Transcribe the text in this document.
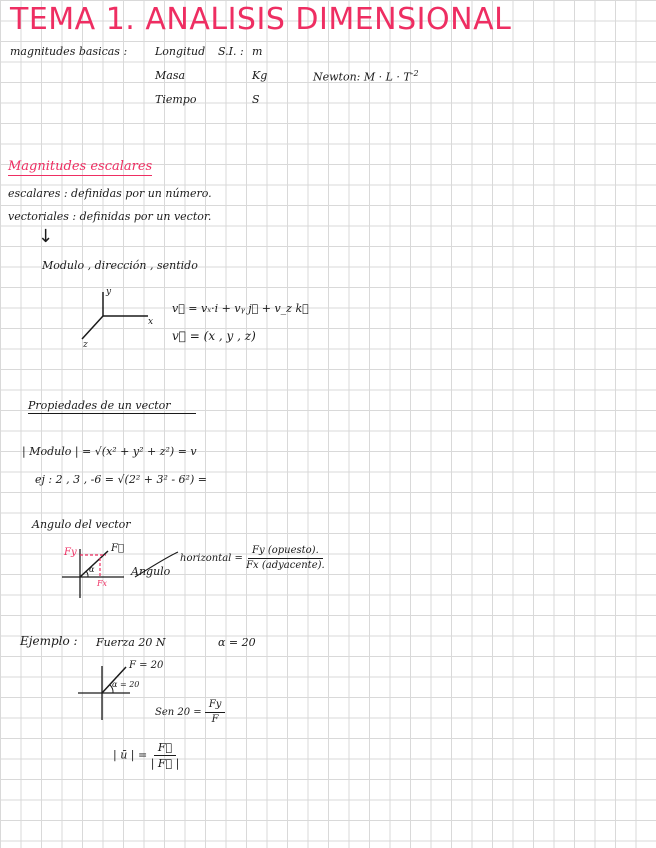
TEMA 1. ANALISIS DIMENSIONAL
magnitudes basicas :	Longitud S.I. : m
Masa	Kg
Tiempo	S
Newton: $M \cdot L \cdot T^{-2}$
Magnitudes escalares
escalares : definidas por un número.
vectoriales : definidas por un vector.
↓
Modulo , dirección , sentido
y
x
z
v⃗ = vₓ·i + vᵧ j⃗ + v_z k⃗
v⃗ = (x , y , z)
Propiedades de un vector
| Modulo | = √(x² + y² + z²) = v
ej : 2 , 3 , -6 = √(2² + 3² - 6²) =
Angulo del vector
Fy	F⃗
α
Fx
Angulo
horizontal = $\frac{\text{Fy (opuesto).}}{\text{Fx (adyacente).}}$
Ejemplo : Fuerza 20 N	α = 20
F = 20
α = 20
Sen $20 = \frac{Fy}{F}$
| ū | = $\frac{F⃗}{| F⃗ |}$
